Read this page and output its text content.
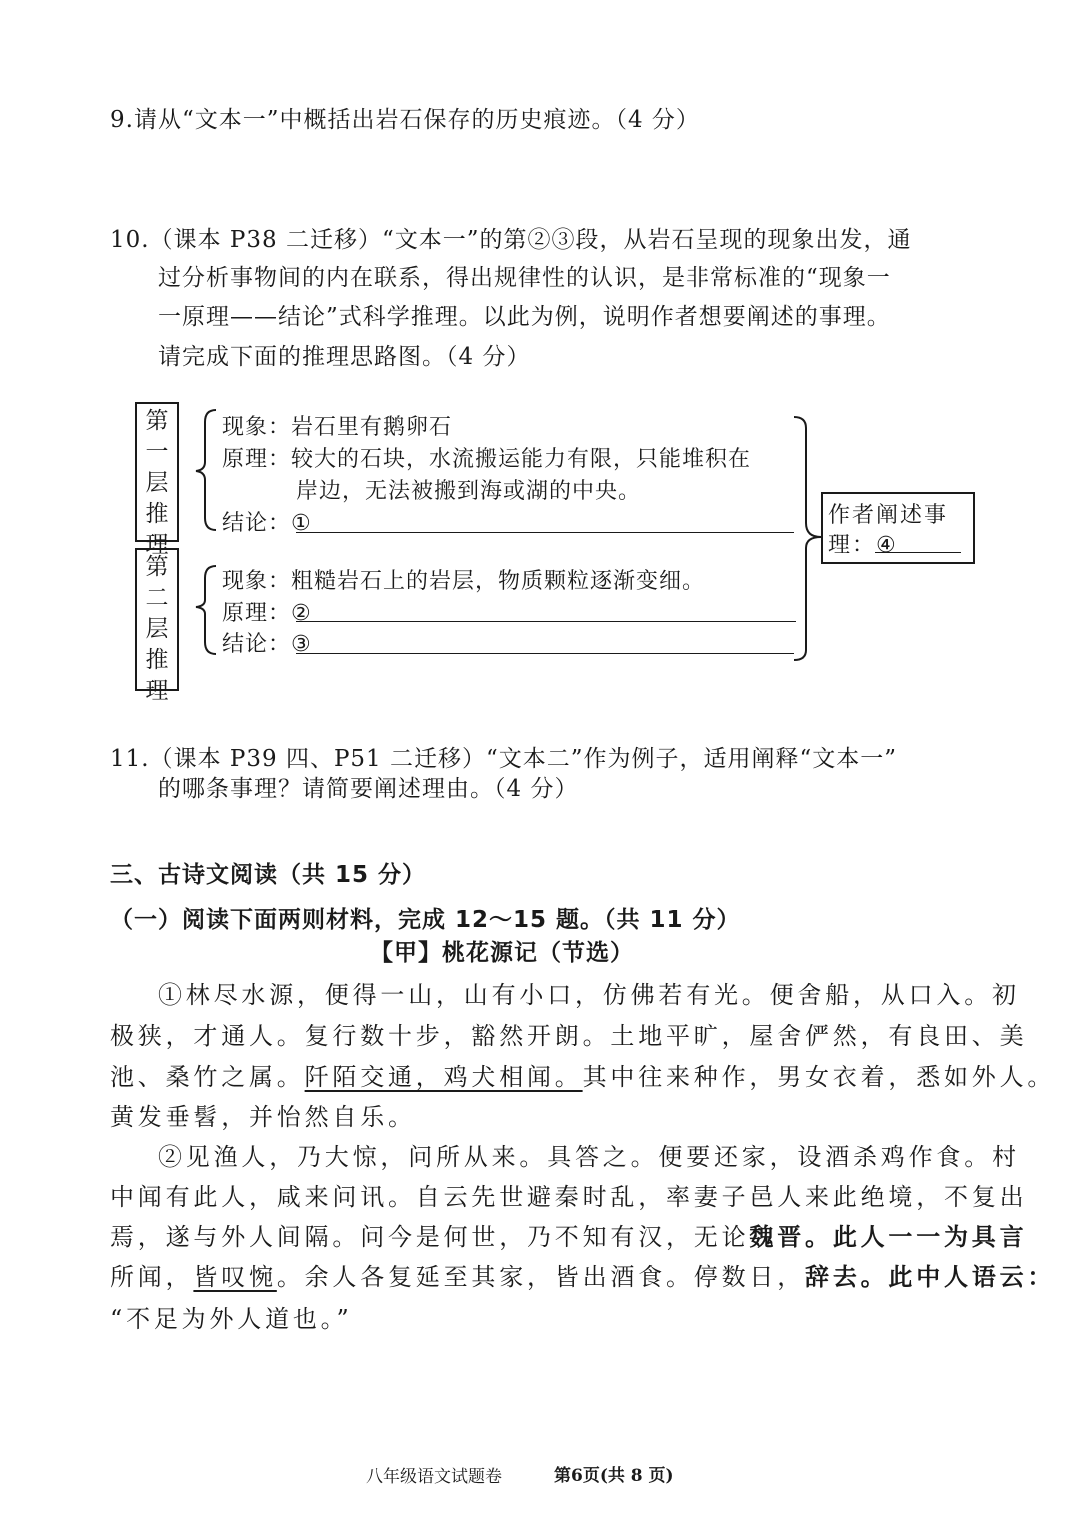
9.请从“文本一”中概括出岩石保存的历史痕迹。（4 分）
10.（课本 P38 二迁移）“文本一”的第②③段，从岩石呈现的现象出发，通
过分析事物间的内在联系，得出规律性的认识，是非常标准的“现象一
一原理——结论”式科学推理。以此为例，说明作者想要阐述的事理。
请完成下面的推理思路图。（4 分）
第
一
层
推
理
第
二
层
推
理
现象：岩石里有鹅卵石
原理：较大的石块，水流搬运能力有限，只能堆积在
岸边，无法被搬到海或湖的中央。
结论：①
现象：粗糙岩石上的岩层，物质颗粒逐渐变细。
原理：②
结论：③
作者阐述事
理：④
11.（课本 P39 四、P51 二迁移）“文本二”作为例子，适用阐释“文本一”
的哪条事理？请简要阐述理由。（4 分）
三、古诗文阅读（共 15 分）
（一）阅读下面两则材料，完成 12～15 题。（共 11 分）
【甲】桃花源记（节选）
①林尽水源，便得一山，山有小口，仿佛若有光。便舍船，从口入。初
极狭，才通人。复行数十步，豁然开朗。土地平旷，屋舍俨然，有良田、美
池、桑竹之属。阡陌交通，鸡犬相闻。其中往来种作，男女衣着，悉如外人。
黄发垂髫，并怡然自乐。
②见渔人，乃大惊，问所从来。具答之。便要还家，设酒杀鸡作食。村
中闻有此人，咸来问讯。自云先世避秦时乱，率妻子邑人来此绝境，不复出
焉，遂与外人间隔。问今是何世，乃不知有汉，无论魏晋。此人一一为具言
所闻，皆叹惋。余人各复延至其家，皆出酒食。停数日，辞去。此中人语云：
“不足为外人道也。”
八年级语文试题卷	第6页(共 8 页)
